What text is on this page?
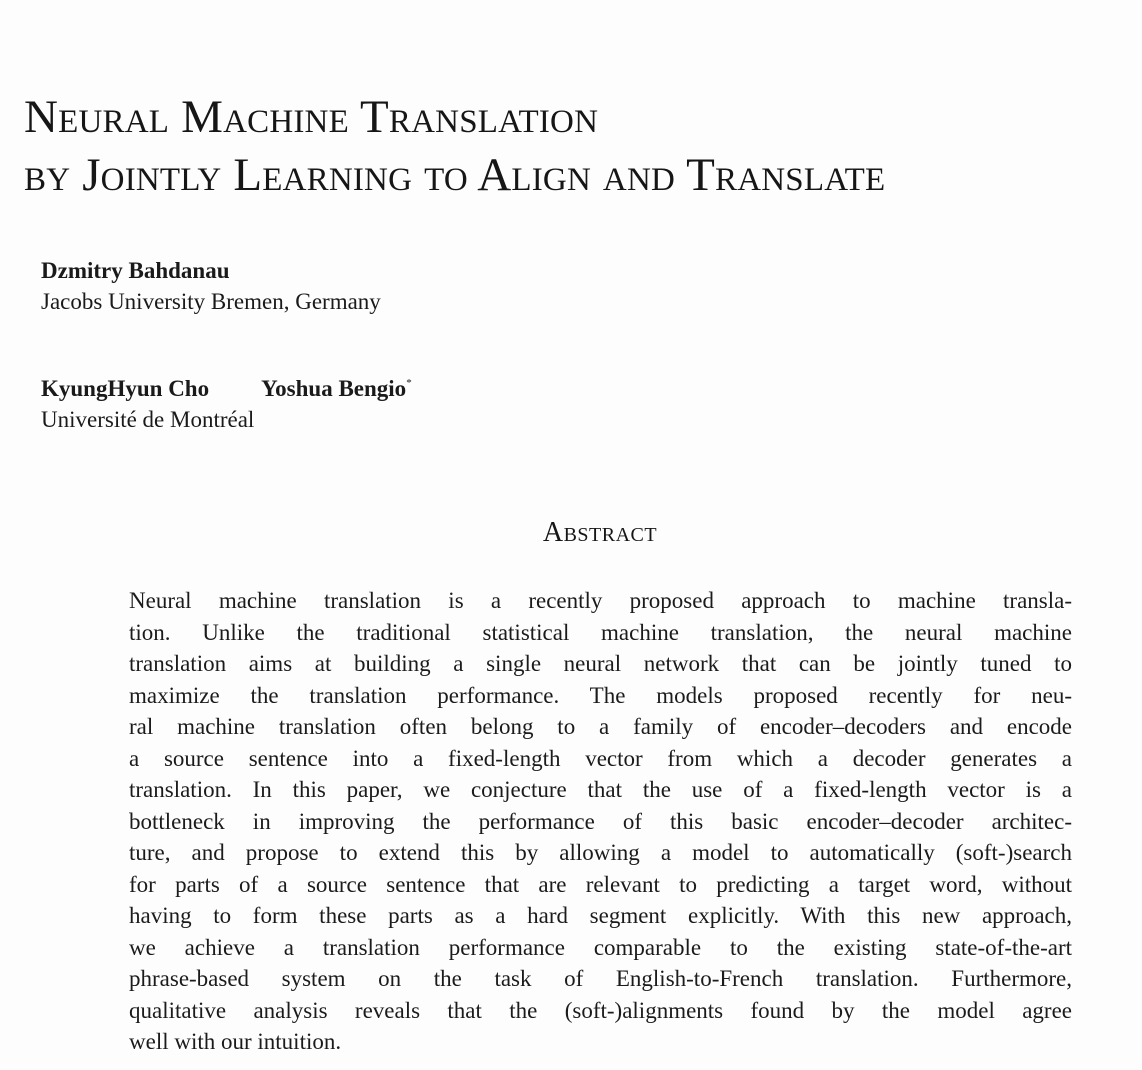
Neural Machine Translation
by Jointly Learning to Align and Translate
Dzmitry Bahdanau
Jacobs University Bremen, Germany
KyungHyun Cho Yoshua Bengio*
Université de Montréal
Abstract
Neural machine translation is a recently proposed approach to machine transla-
tion. Unlike the traditional statistical machine translation, the neural machine
translation aims at building a single neural network that can be jointly tuned to
maximize the translation performance. The models proposed recently for neu-
ral machine translation often belong to a family of encoder–decoders and encode
a source sentence into a fixed-length vector from which a decoder generates a
translation. In this paper, we conjecture that the use of a fixed-length vector is a
bottleneck in improving the performance of this basic encoder–decoder architec-
ture, and propose to extend this by allowing a model to automatically (soft-)search
for parts of a source sentence that are relevant to predicting a target word, without
having to form these parts as a hard segment explicitly. With this new approach,
we achieve a translation performance comparable to the existing state-of-the-art
phrase-based system on the task of English-to-French translation. Furthermore,
qualitative analysis reveals that the (soft-)alignments found by the model agree
well with our intuition.
